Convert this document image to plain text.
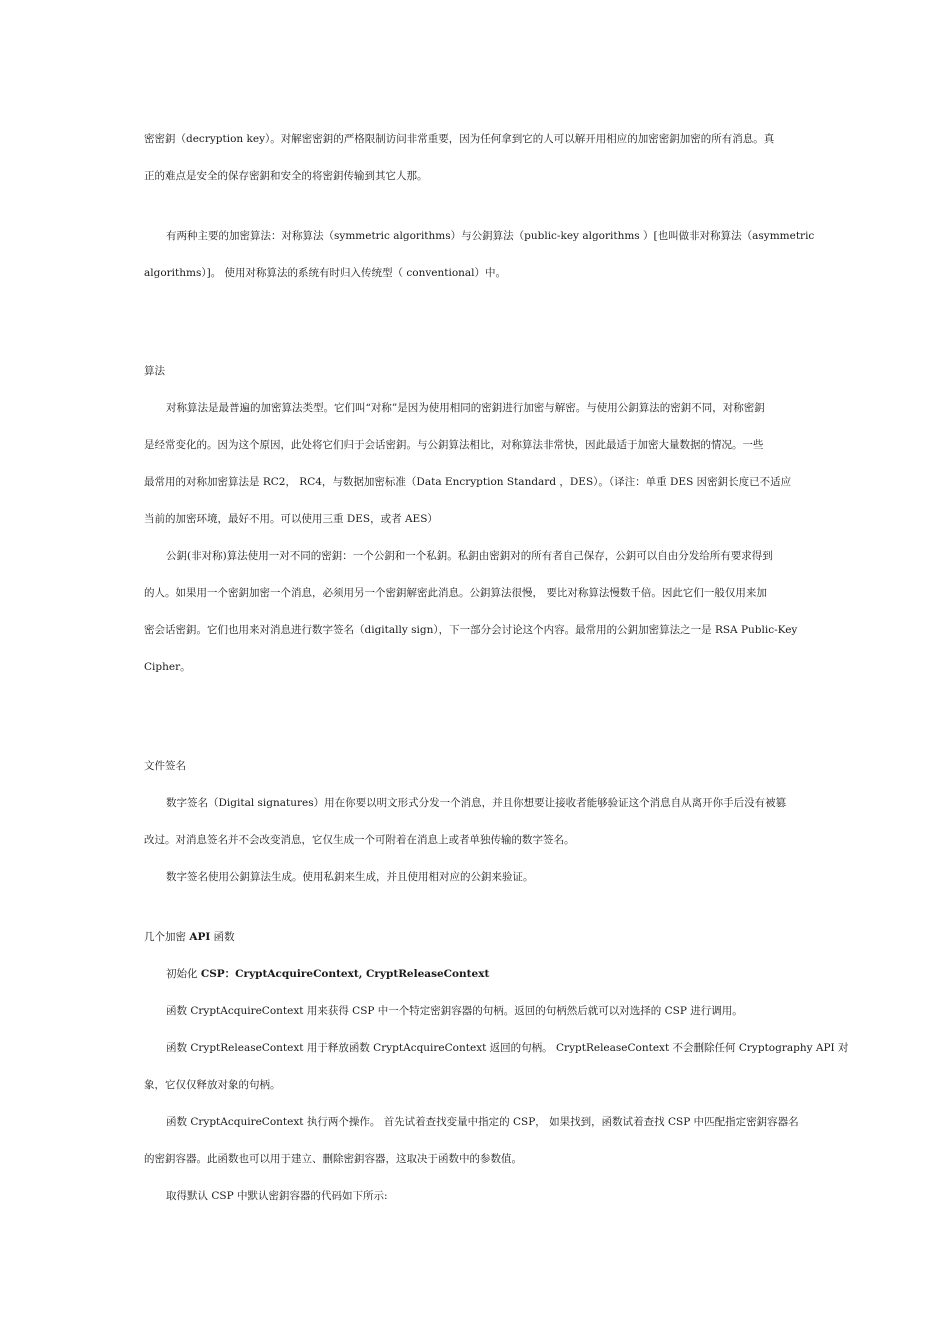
密密鈅（decryption key）。对解密密鈅的严格限制访问非常重要，因为任何拿到它的人可以解开用相应的加密密鈅加密的所有消息。真
正的难点是安全的保存密鈅和安全的将密鈅传输到其它人那。
有两种主要的加密算法：对称算法（symmetric algorithms）与公鈅算法（public-key algorithms ）[也叫做非对称算法（asymmetric
algorithms）]。 使用对称算法的系统有时归入传统型（ conventional）中。
算法
对称算法是最普遍的加密算法类型。它们叫“对称”是因为使用相同的密鈅进行加密与解密。与使用公鈅算法的密鈅不同，对称密鈅
是经常变化的。因为这个原因，此处将它们归于会话密鈅。与公鈅算法相比，对称算法非常快，因此最适于加密大量数据的情况。一些
最常用的对称加密算法是 RC2， RC4，与数据加密标准（Data Encryption Standard ，DES）。（译注：单重 DES 因密鈅长度已不适应
当前的加密环境，最好不用。可以使用三重 DES，或者 AES）
公鈅(非对称)算法使用一对不同的密鈅：一个公鈅和一个私鈅。私鈅由密鈅对的所有者自己保存，公鈅可以自由分发给所有要求得到
的人。如果用一个密鈅加密一个消息，必须用另一个密鈅解密此消息。公鈅算法很慢， 要比对称算法慢数千倍。因此它们一般仅用来加
密会话密鈅。它们也用来对消息进行数字签名（digitally sign），下一部分会讨论这个内容。最常用的公鈅加密算法之一是 RSA Public-Key
Cipher。
文件签名
数字签名（Digital signatures）用在你要以明文形式分发一个消息，并且你想要让接收者能够验证这个消息自从离开你手后没有被篡
改过。对消息签名并不会改变消息，它仅生成一个可附着在消息上或者单独传输的数字签名。
数字签名使用公鈅算法生成。使用私鈅来生成，并且使用相对应的公鈅来验证。
几个加密 API 函数
初始化 CSP：CryptAcquireContext, CryptReleaseContext
函数 CryptAcquireContext 用来获得 CSP 中一个特定密鈅容器的句柄。返回的句柄然后就可以对选择的 CSP 进行调用。
函数 CryptReleaseContext 用于释放函数 CryptAcquireContext 返回的句柄。 CryptReleaseContext 不会删除任何 Cryptography API 对
象，它仅仅释放对象的句柄。
函数 CryptAcquireContext 执行两个操作。 首先试着查找变量中指定的 CSP， 如果找到，函数试着查找 CSP 中匹配指定密鈅容器名
的密鈅容器。此函数也可以用于建立、删除密鈅容器，这取决于函数中的参数值。
取得默认 CSP 中默认密鈅容器的代码如下所示:
